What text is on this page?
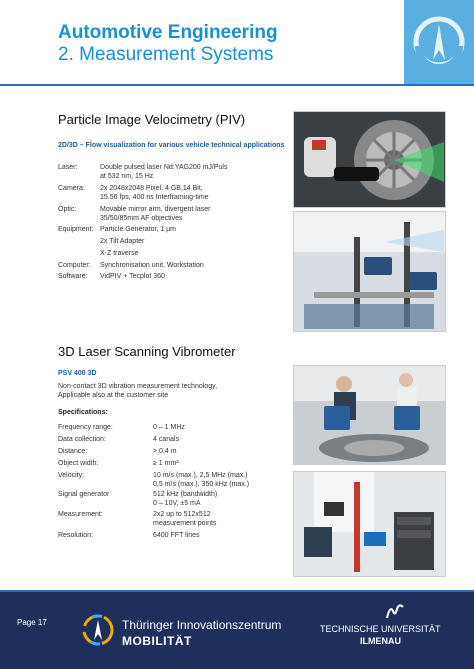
Automotive Engineering
2. Measurement Systems
Particle Image Velocimetry (PIV)
2D/3D – Flow visualization for various vehicle technical applications
Laser:	Double pulsed laser Nd:YAG200 mJ/Puls
at 532 nm, 15 Hz
Camera:	2x 2048x2048 Pixel, 4 GB,14 Bit,
15.56 fps, 400 ns Interframing-time
Optic:	Movable mirror arm, divergent laser
35/50/85mm AF objectives
Equipment: Particle Generator, 1 µm
2x Tilt Adapter
X-Z traverse
Computer:	Synchronisation unit, Workstation
Software:	VidPIV + Tecplot 360
3D Laser Scanning Vibrometer
PSV 400 3D
Non-contact 3D vibration measurement technology,
Applicable also at the customer site
Specifications:
Frequency range:	0 – 1 MHz
Data collection:	4 canals
Distance:	> 0,4 m
Object width:	≥ 1 mm²
Velocity:	10 m/s (max.), 2,5 MHz (max.)
0,5 m/s (max.), 350 kHz (max.)
Signal generator	512 kHz (bandwidth)
0 – 10V, ±5 mA
Measurement:	2x2 up to 512x512
measurement points
Resolution:	6400 FFT lines
Page 17	Thüringer Innovationszentrum
MOBILITÄT
TECHNISCHE UNIVERSITÄT
ILMENAU
